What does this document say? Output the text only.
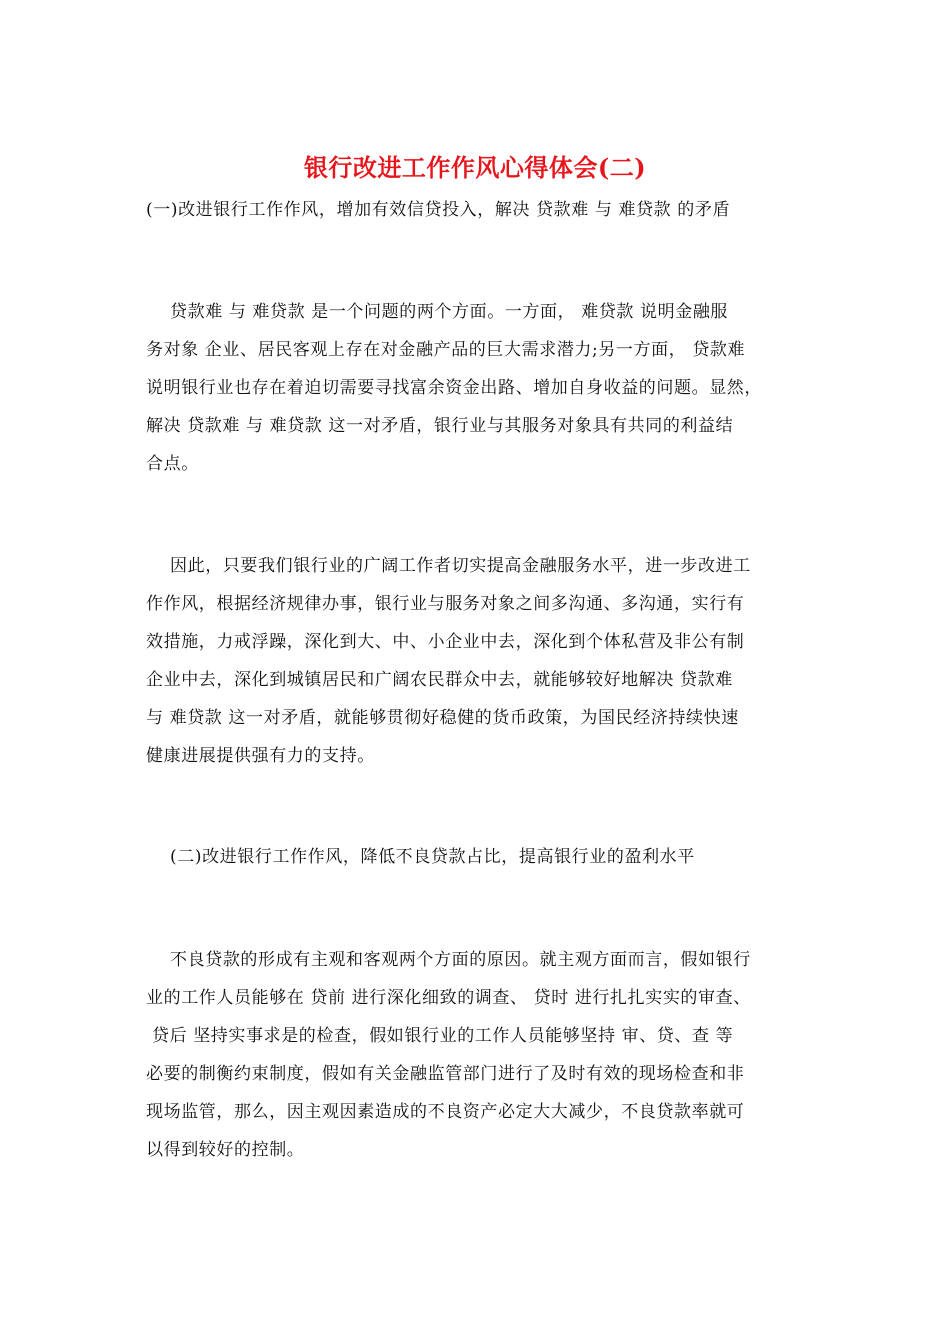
银行改进工作作风心得体会(二)
(一)改进银行工作作风，增加有效信贷投入，解决 贷款难 与 难贷款 的矛盾
贷款难 与 难贷款 是一个问题的两个方面。一方面， 难贷款 说明金融服
务对象 企业、居民客观上存在对金融产品的巨大需求潜力;另一方面， 贷款难
说明银行业也存在着迫切需要寻找富余资金出路、增加自身收益的问题。显然，
解决 贷款难 与 难贷款 这一对矛盾，银行业与其服务对象具有共同的利益结
合点。
因此，只要我们银行业的广阔工作者切实提高金融服务水平，进一步改进工
作作风，根据经济规律办事，银行业与服务对象之间多沟通、多沟通，实行有
效措施，力戒浮躁，深化到大、中、小企业中去，深化到个体私营及非公有制
企业中去，深化到城镇居民和广阔农民群众中去，就能够较好地解决 贷款难
与 难贷款 这一对矛盾，就能够贯彻好稳健的货币政策，为国民经济持续快速
健康进展提供强有力的支持。
(二)改进银行工作作风，降低不良贷款占比，提高银行业的盈利水平
不良贷款的形成有主观和客观两个方面的原因。就主观方面而言，假如银行
业的工作人员能够在 贷前 进行深化细致的调查、 贷时 进行扎扎实实的审查、
贷后 坚持实事求是的检查，假如银行业的工作人员能够坚持 审、贷、查 等
必要的制衡约束制度，假如有关金融监管部门进行了及时有效的现场检查和非
现场监管，那么，因主观因素造成的不良资产必定大大减少，不良贷款率就可
以得到较好的控制。
